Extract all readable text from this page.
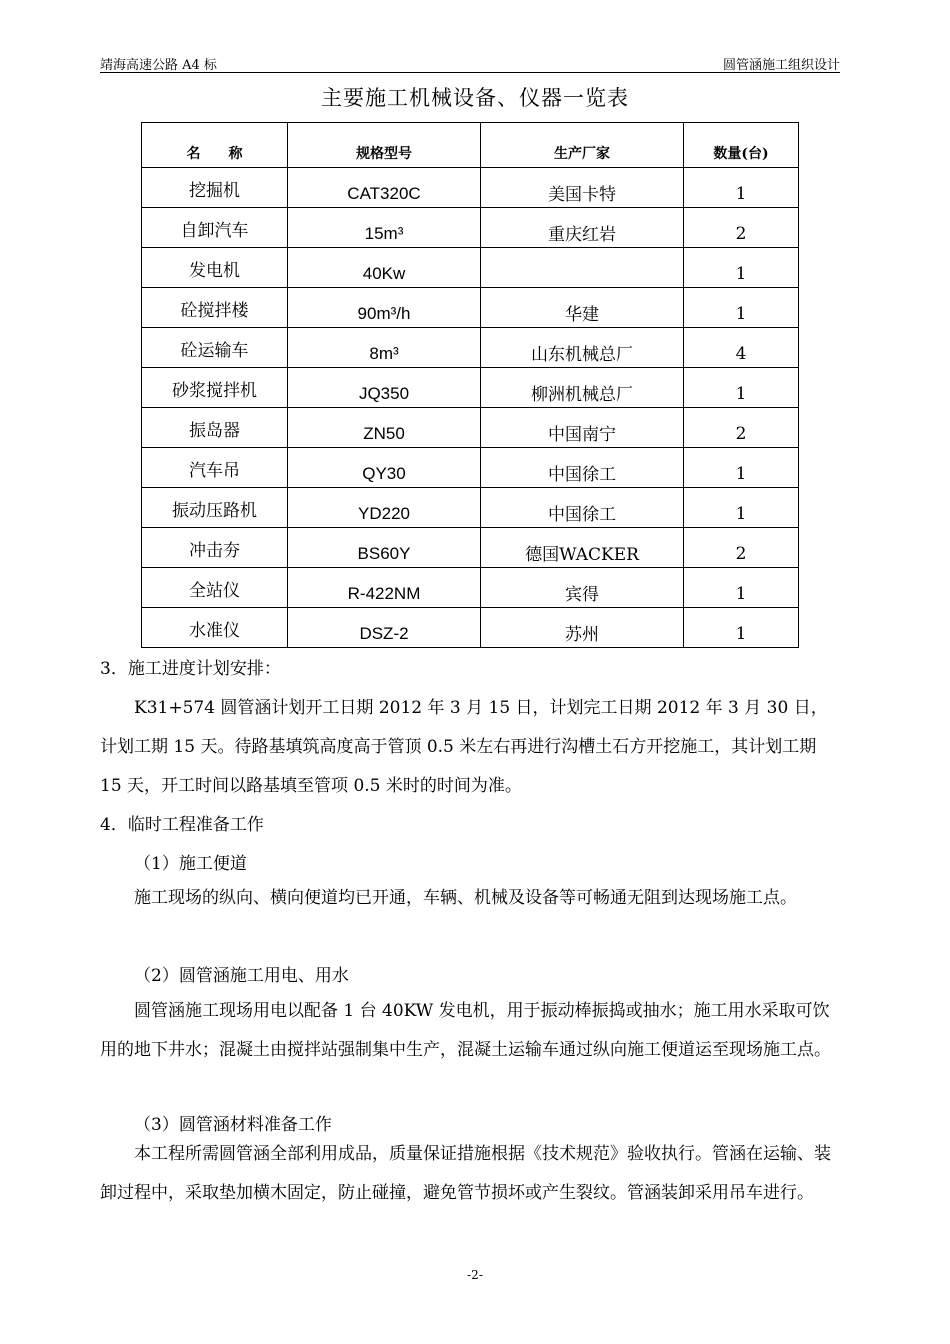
靖海高速公路 A4 标	圆管涵施工组织设计
主要施工机械设备、仪器一览表
名　　称	规格型号	生产厂家	数量(台)

挖掘机	CAT320C	美国卡特	1

自卸汽车	15m³	重庆红岩	2

发电机	40Kw		1

砼搅拌楼	90m³/h	华建	1

砼运输车	8m³	山东机械总厂	4

砂浆搅拌机	JQ350	柳洲机械总厂	1

振岛器	ZN50	中国南宁	2

汽车吊	QY30	中国徐工	1

振动压路机	YD220	中国徐工	1

冲击夯	BS60Y	德国WACKER	2

全站仪	R-422NM	宾得	1

水准仪	DSZ-2	苏州	1

3．施工进度计划安排：

K31+574 圆管涵计划开工日期 2012 年 3 月 15 日，计划完工日期 2012 年 3 月 30 日，计划工期 15 天。待路基填筑高度高于管顶 0.5 米左右再进行沟槽土石方开挖施工，其计划工期 15 天，开工时间以路基填至管项 0.5 米时的时间为准。

4．临时工程准备工作

（1）施工便道

施工现场的纵向、横向便道均已开通，车辆、机械及设备等可畅通无阻到达现场施工点。

（2）圆管涵施工用电、用水

圆管涵施工现场用电以配备 1 台 40KW 发电机，用于振动棒振捣或抽水；施工用水采取可饮用的地下井水；混凝土由搅拌站强制集中生产，混凝土运输车通过纵向施工便道运至现场施工点。

（3）圆管涵材料准备工作

本工程所需圆管涵全部利用成品，质量保证措施根据《技术规范》验收执行。管涵在运输、装卸过程中，采取垫加横木固定，防止碰撞，避免管节损坏或产生裂纹。管涵装卸采用吊车进行。

-2-
